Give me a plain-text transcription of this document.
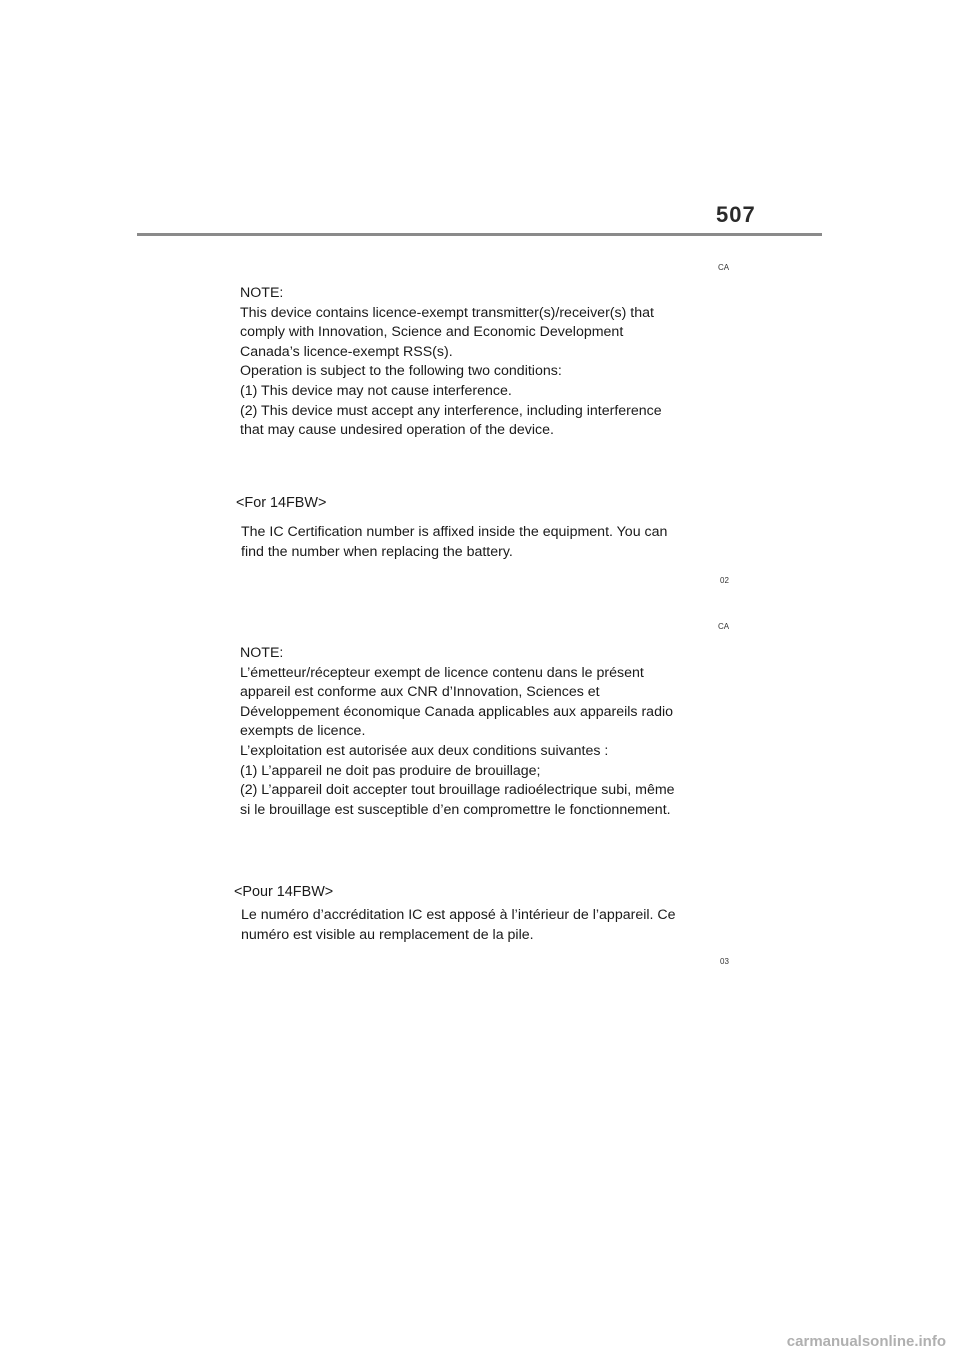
507
CA
NOTE:
This device contains licence-exempt transmitter(s)/receiver(s) that
comply with Innovation, Science and Economic Development
Canada’s licence-exempt RSS(s).
Operation is subject to the following two conditions:
(1) This device may not cause interference.
(2) This device must accept any interference, including interference
that may cause undesired operation of the device.
<For 14FBW>
The IC Certification number is affixed inside the equipment. You can
find the number when replacing the battery.
02
CA
NOTE:
L’émetteur/récepteur exempt de licence contenu dans le présent
appareil est conforme aux CNR d’Innovation, Sciences et
Développement économique Canada applicables aux appareils radio
exempts de licence.
L’exploitation est autorisée aux deux conditions suivantes :
(1) L’appareil ne doit pas produire de brouillage;
(2) L’appareil doit accepter tout brouillage radioélectrique subi, même
si le brouillage est susceptible d’en compromettre le fonctionnement.
<Pour 14FBW>
Le numéro d’accréditation IC est apposé à l’intérieur de l’appareil. Ce
numéro est visible au remplacement de la pile.
03
carmanualsonline.info
